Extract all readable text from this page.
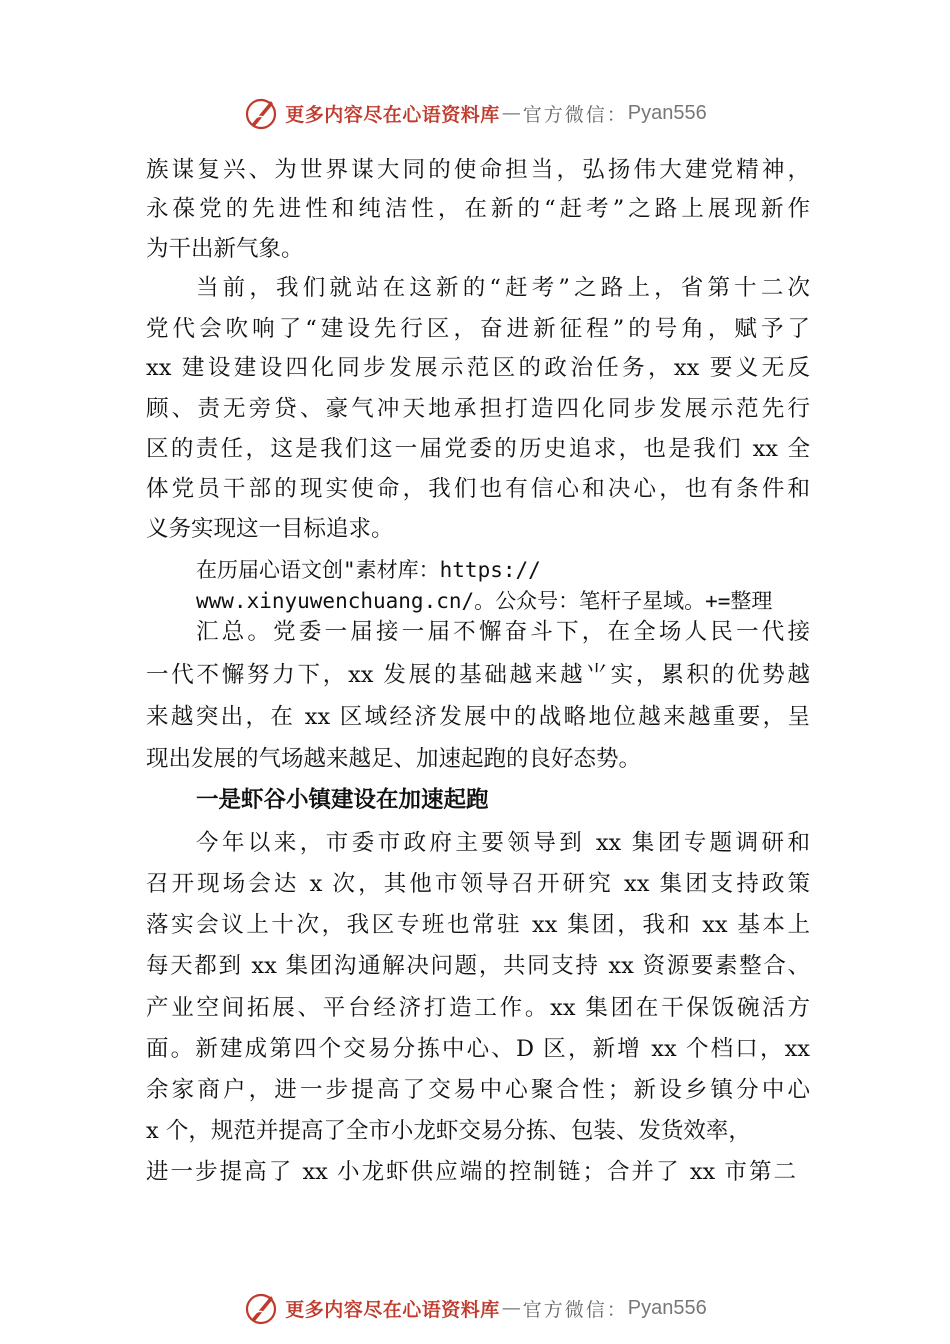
更多内容尽在心语资料库 — 官方微信： Pyan556
族谋复兴、为世界谋大同的使命担当，弘扬伟大建党精神，
永葆党的先进性和纯洁性，在新的“赶考”之路上展现新作
为干出新气象。
当前，我们就站在这新的“赶考”之路上，省第十二次
党代会吹响了“建设先行区，奋进新征程”的号角，赋予了
xx 建设建设四化同步发展示范区的政治任务，xx 要义无反
顾、责无旁贷、豪气冲天地承担打造四化同步发展示范先行
区的责任，这是我们这一届党委的历史追求，也是我们 xx 全
体党员干部的现实使命，我们也有信心和决心，也有条件和
义务实现这一目标追求。
在历届心语文创"素材库：https://
www.xinyuwenchuang.cn/。公众号：笔杆子星域。+=整理
汇总。党委一届接一届不懈奋斗下，在全场人民一代接
一代不懈努力下，xx 发展的基础越来越⺌实，累积的优势越
来越突出，在 xx 区域经济发展中的战略地位越来越重要，呈
现出发展的气场越来越足、加速起跑的良好态势。
一是虾谷小镇建设在加速起跑
今年以来，市委市政府主要领导到 xx 集团专题调研和
召开现场会达 x 次，其他市领导召开研究 xx 集团支持政策
落实会议上十次，我区专班也常驻 xx 集团，我和 xx 基本上
每天都到 xx 集团沟通解决问题，共同支持 xx 资源要素整合、
产业空间拓展、平台经济打造工作。xx 集团在干保饭碗活方
面。新建成第四个交易分拣中心、D 区，新增 xx 个档口，xx
余家商户，进一步提高了交易中心聚合性；新设乡镇分中心
x 个，规范并提高了全市小龙虾交易分拣、包装、发货效率，
进一步提高了 xx 小龙虾供应端的控制链；合并了 xx 市第二
更多内容尽在心语资料库 — 官方微信： Pyan556
